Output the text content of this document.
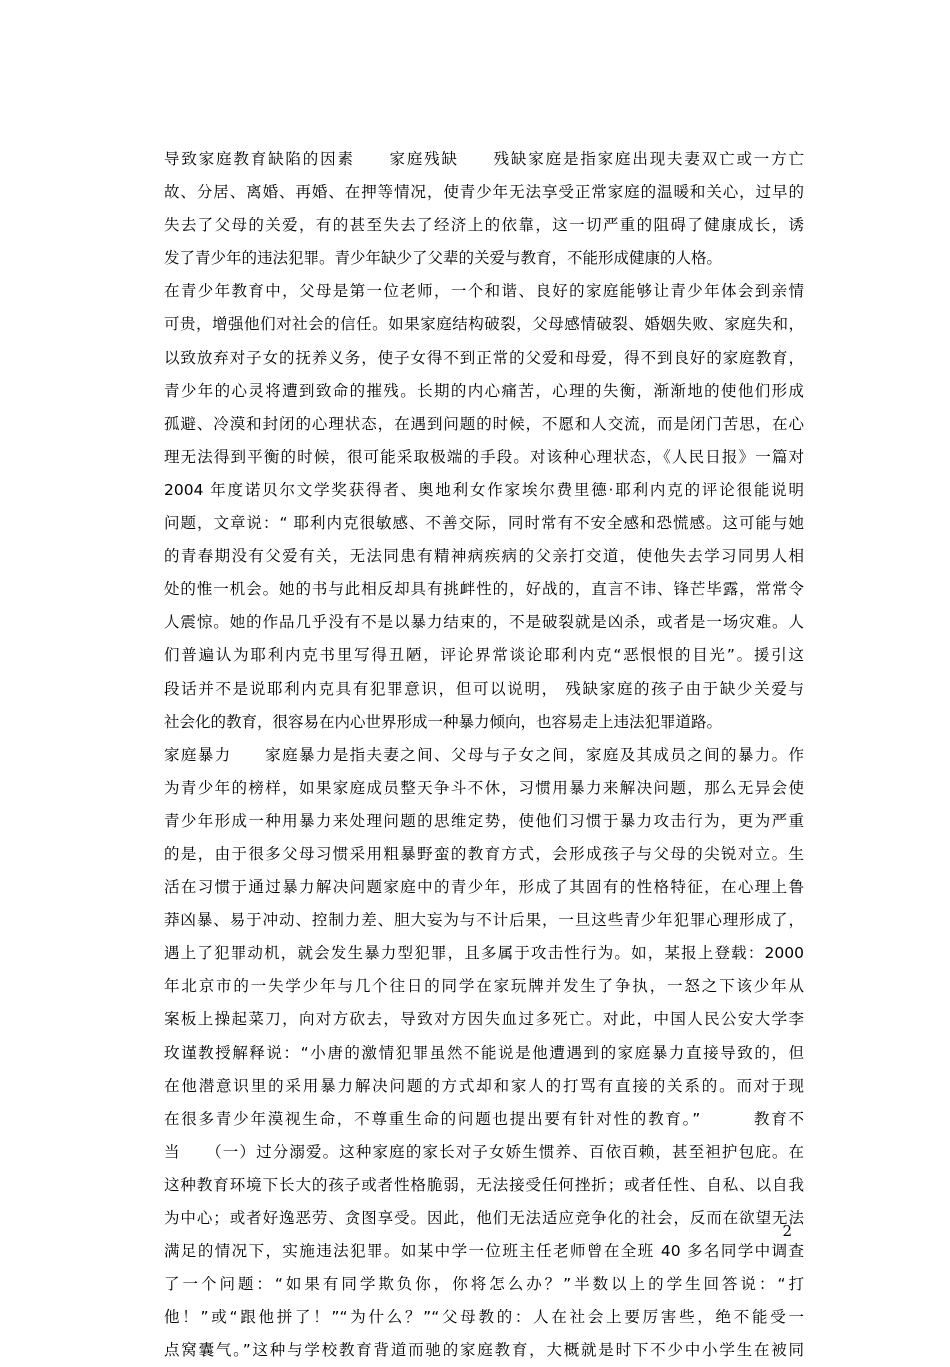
导致家庭教育缺陷的因素　　家庭残缺　　残缺家庭是指家庭出现夫妻双亡或一方亡
故、分居、离婚、再婚、在押等情况，使青少年无法享受正常家庭的温暖和关心，过早的
失去了父母的关爱，有的甚至失去了经济上的依靠，这一切严重的阻碍了健康成长，诱
发了青少年的违法犯罪。青少年缺少了父辈的关爱与教育，不能形成健康的人格。
在青少年教育中，父母是第一位老师，一个和谐、良好的家庭能够让青少年体会到亲情
可贵，增强他们对社会的信任。如果家庭结构破裂，父母感情破裂、婚姻失败、家庭失和，
以致放弃对子女的抚养义务，使子女得不到正常的父爱和母爱，得不到良好的家庭教育，
青少年的心灵将遭到致命的摧残。长期的内心痛苦，心理的失衡，渐渐地的使他们形成
孤避、冷漠和封闭的心理状态，在遇到问题的时候，不愿和人交流，而是闭门苦思，在心
理无法得到平衡的时候，很可能采取极端的手段。对该种心理状态，《人民日报》一篇对
2004 年度诺贝尔文学奖获得者、奥地利女作家埃尔费里德·耶利内克的评论很能说明
问题，文章说：“ 耶利内克很敏感、不善交际，同时常有不安全感和恐慌感。这可能与她
的青春期没有父爱有关，无法同患有精神病疾病的父亲打交道，使他失去学习同男人相
处的惟一机会。她的书与此相反却具有挑衅性的，好战的，直言不讳、锋芒毕露，常常令
人震惊。她的作品几乎没有不是以暴力结束的，不是破裂就是凶杀，或者是一场灾难。人
们普遍认为耶利内克书里写得丑陋，评论界常谈论耶利内克“恶恨恨的目光”。援引这
段话并不是说耶利内克具有犯罪意识，但可以说明， 残缺家庭的孩子由于缺少关爱与
社会化的教育，很容易在内心世界形成一种暴力倾向，也容易走上违法犯罪道路。
家庭暴力　　家庭暴力是指夫妻之间、父母与子女之间，家庭及其成员之间的暴力。作
为青少年的榜样，如果家庭成员整天争斗不休，习惯用暴力来解决问题，那么无异会使
青少年形成一种用暴力来处理问题的思维定势，使他们习惯于暴力攻击行为，更为严重
的是，由于很多父母习惯采用粗暴野蛮的教育方式，会形成孩子与父母的尖锐对立。生
活在习惯于通过暴力解决问题家庭中的青少年，形成了其固有的性格特征，在心理上鲁
莽凶暴、易于冲动、控制力差、胆大妄为与不计后果，一旦这些青少年犯罪心理形成了，
遇上了犯罪动机，就会发生暴力型犯罪，且多属于攻击性行为。如，某报上登载：2000
年北京市的一失学少年与几个往日的同学在家玩牌并发生了争执，一怒之下该少年从
案板上操起菜刀，向对方砍去，导致对方因失血过多死亡。对此，中国人民公安大学李
玫谨教授解释说：“小唐的激情犯罪虽然不能说是他遭遇到的家庭暴力直接导致的，但
在他潜意识里的采用暴力解决问题的方式却和家人的打骂有直接的关系的。而对于现
在很多青少年漠视生命，不尊重生命的问题也提出要有针对性的教育。”　　　教育不
当　　（一）过分溺爱。这种家庭的家长对子女娇生惯养、百依百赖，甚至袒护包庇。在
这种教育环境下长大的孩子或者性格脆弱，无法接受任何挫折；或者任性、自私、以自我
为中心；或者好逸恶劳、贪图享受。因此，他们无法适应竞争化的社会，反而在欲望无法
满足的情况下，实施违法犯罪。如某中学一位班主任老师曾在全班 40 多名同学中调查
了一个问题：“如果有同学欺负你，你将怎么办？”半数以上的学生回答说：“打
他！”或“跟他拼了！”“为什么？”“父母教的：人在社会上要厉害些，绝不能受一
点窝囊气。”这种与学校教育背道而驰的家庭教育，大概就是时下不少中小学生在被同
2
